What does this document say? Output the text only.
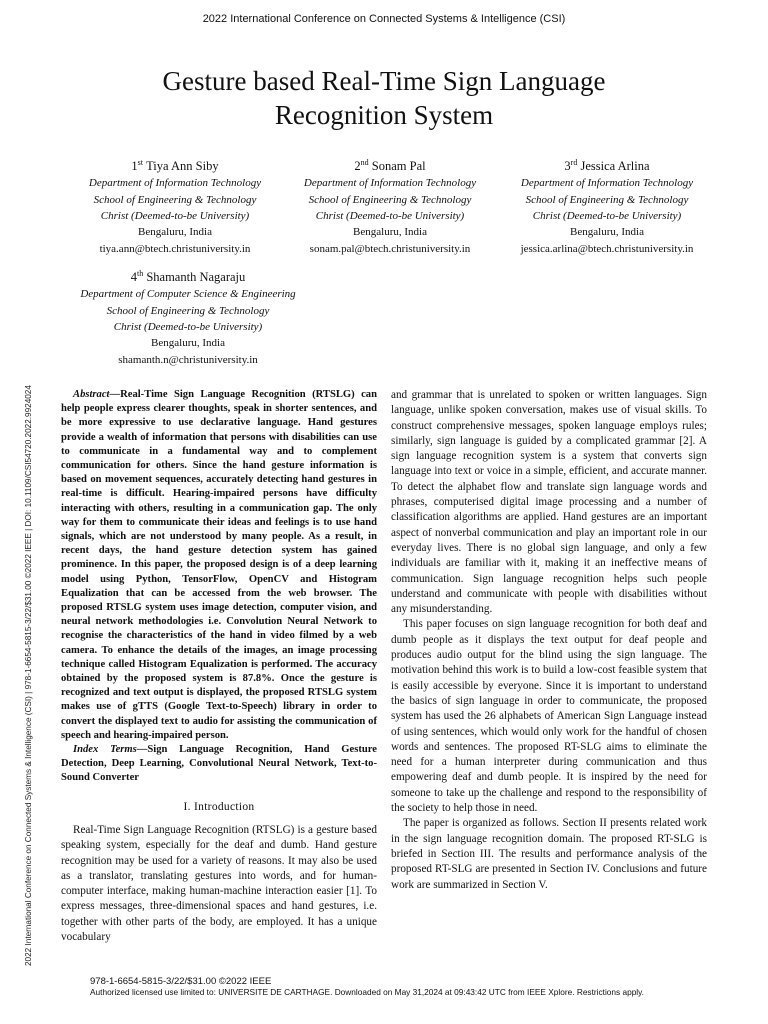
2022 International Conference on Connected Systems & Intelligence (CSI)
Gesture based Real-Time Sign Language
Recognition System
1st Tiya Ann Siby
Department of Information Technology
School of Engineering & Technology
Christ (Deemed-to-be University)
Bengaluru, India
tiya.ann@btech.christuniversity.in
2nd Sonam Pal
Department of Information Technology
School of Engineering & Technology
Christ (Deemed-to-be University)
Bengaluru, India
sonam.pal@btech.christuniversity.in
3rd Jessica Arlina
Department of Information Technology
School of Engineering & Technology
Christ (Deemed-to-be University)
Bengaluru, India
jessica.arlina@btech.christuniversity.in
4th Shamanth Nagaraju
Department of Computer Science & Engineering
School of Engineering & Technology
Christ (Deemed-to-be University)
Bengaluru, India
shamanth.n@christuniversity.in
2022 International Conference on Connected Systems & Intelligence (CSI) | 978-1-6654-5815-3/22/$31.00 ©2022 IEEE | DOI: 10.1109/CSI54720.2022.9924024	Abstract—Real-Time Sign Language Recognition (RTSLG) can help people express clearer thoughts, speak in shorter sentences, and be more expressive to use declarative language. Hand gestures provide a wealth of information that persons with disabilities can use to communicate in a fundamental way and to complement communication for others. Since the hand gesture information is based on movement sequences, accurately detecting hand gestures in real-time is difficult. Hearing-impaired persons have difficulty interacting with others, resulting in a communication gap. The only way for them to communicate their ideas and feelings is to use hand signals, which are not understood by many people. As a result, in recent days, the hand gesture detection system has gained prominence. In this paper, the proposed design is of a deep learning model using Python, TensorFlow, OpenCV and Histogram Equalization that can be accessed from the web browser. The proposed RTSLG system uses image detection, computer vision, and neural network methodologies i.e. Convolution Neural Network to recognise the characteristics of the hand in video filmed by a web camera. To enhance the details of the images, an image processing technique called Histogram Equalization is performed. The accuracy obtained by the proposed system is 87.8%. Once the gesture is recognized and text output is displayed, the proposed RTSLG system makes use of gTTS (Google Text-to-Speech) library in order to convert the displayed text to audio for assisting the communication of speech and hearing-impaired person.

Index Terms—Sign Language Recognition, Hand Gesture Detection, Deep Learning, Convolutional Neural Network, Text-to-Sound Converter

I. Introduction

Real-Time Sign Language Recognition (RTSLG) is a gesture based speaking system, especially for the deaf and dumb. Hand gesture recognition may be used for a variety of reasons. It may also be used as a translator, translating gestures into words, and for human-computer interface, making human-machine interaction easier [1]. To express messages, three-dimensional spaces and hand gestures, i.e. together with other parts of the body, are employed. It has a unique vocabulary

and grammar that is unrelated to spoken or written languages. Sign language, unlike spoken conversation, makes use of visual skills. To construct comprehensive messages, spoken language employs rules; similarly, sign language is guided by a complicated grammar [2]. A sign language recognition system is a system that converts sign language into text or voice in a simple, efficient, and accurate manner. To detect the alphabet flow and translate sign language words and phrases, computerised digital image processing and a number of classification algorithms are applied. Hand gestures are an important aspect of nonverbal communication and play an important role in our everyday lives. There is no global sign language, and only a few individuals are familiar with it, making it an ineffective means of communication. Sign language recognition helps such people understand and communicate with people with disabilities without any misunderstanding.

This paper focuses on sign language recognition for both deaf and dumb people as it displays the text output for deaf people and produces audio output for the blind using the sign language. The motivation behind this work is to build a low-cost feasible system that is easily accessible by everyone. Since it is important to understand the basics of sign language in order to communicate, the proposed system has used the 26 alphabets of American Sign Language instead of using sentences, which would only work for the handful of chosen words and sentences. The proposed RT-SLG aims to eliminate the need for a human interpreter during communication and thus empowering deaf and dumb people. It is inspired by the need for someone to take up the challenge and respond to the responsibility of the society to help those in need.

The paper is organized as follows. Section II presents related work in the sign language recognition domain. The proposed RT-SLG is briefed in Section III. The results and performance analysis of the proposed RT-SLG are presented in Section IV. Conclusions and future work are summarized in Section V.

978-1-6654-5815-3/22/$31.00 ©2022 IEEE
Authorized licensed use limited to: UNIVERSITE DE CARTHAGE. Downloaded on May 31,2024 at 09:43:42 UTC from IEEE Xplore. Restrictions apply.
